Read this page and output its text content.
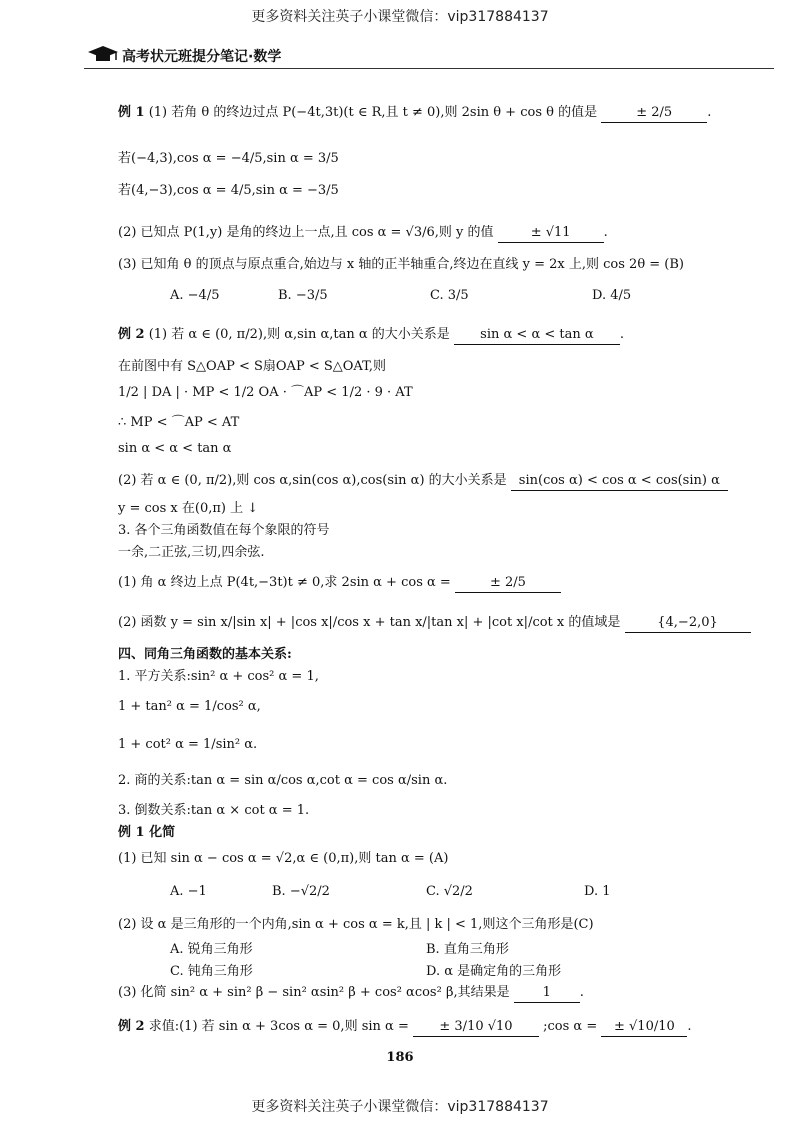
更多资料关注英子小课堂微信：vip317884137
高考状元班提分笔记·数学
例 1 (1) 若角 θ 的终边过点 P(−4t,3t)(t ∈ R,且 t ≠ 0),则 2sin θ + cos θ 的值是	± 2/5	.
若(−4,3),cos α = −4/5,sin α = 3/5
若(4,−3),cos α = 4/5,sin α = −3/5
(2) 已知点 P(1,y) 是角的终边上一点,且 cos α = √3/6,则 y 的值	± √11	.
(3) 已知角 θ 的顶点与原点重合,始边与 x 轴的正半轴重合,终边在直线 y = 2x 上,则 cos 2θ = (B)
A. −4/5	B. −3/5	C. 3/5	D. 4/5
例 2 (1) 若 α ∈ (0, π/2),则 α,sin α,tan α 的大小关系是 sin α < α < tan α .
在前图中有 S△OAP < S扇OAP < S△OAT,则
1/2 | DA | · MP < 1/2 OA · ⌒AP < 1/2 · 9 · AT
∴ MP < ⌒AP < AT
sin α < α < tan α
(2) 若 α ∈ (0, π/2),则 cos α,sin(cos α),cos(sin α) 的大小关系是 sin(cos α) < cos α < cos(sin) α
y = cos x 在(0,π) 上 ↓
3. 各个三角函数值在每个象限的符号
一余,二正弦,三切,四余弦.
(1) 角 α 终边上点 P(4t,−3t)t ≠ 0,求 2sin α + cos α =	± 2/5
(2) 函数 y = sin x/|sin x| + |cos x|/cos x + tan x/|tan x| + |cot x|/cot x 的值域是	{4,−2,0}
四、同角三角函数的基本关系:
1. 平方关系:sin² α + cos² α = 1,
1 + tan² α = 1/cos² α,
1 + cot² α = 1/sin² α.
2. 商的关系:tan α = sin α/cos α,cot α = cos α/sin α.
3. 倒数关系:tan α × cot α = 1.
例 1 化简
(1) 已知 sin α − cos α = √2,α ∈ (0,π),则 tan α = (A)
A. −1	B. −√2/2	C. √2/2	D. 1
(2) 设 α 是三角形的一个内角,sin α + cos α = k,且 | k | < 1,则这个三角形是(C)
A. 锐角三角形	B. 直角三角形
C. 钝角三角形	D. α 是确定角的三角形
(3) 化简 sin² α + sin² β − sin² αsin² β + cos² αcos² β,其结果是	1 .
例 2 求值:(1) 若 sin α + 3cos α = 0,则 sin α = ± 3/10 √10 ;cos α = ± √10/10 .
186
更多资料关注英子小课堂微信：vip317884137
